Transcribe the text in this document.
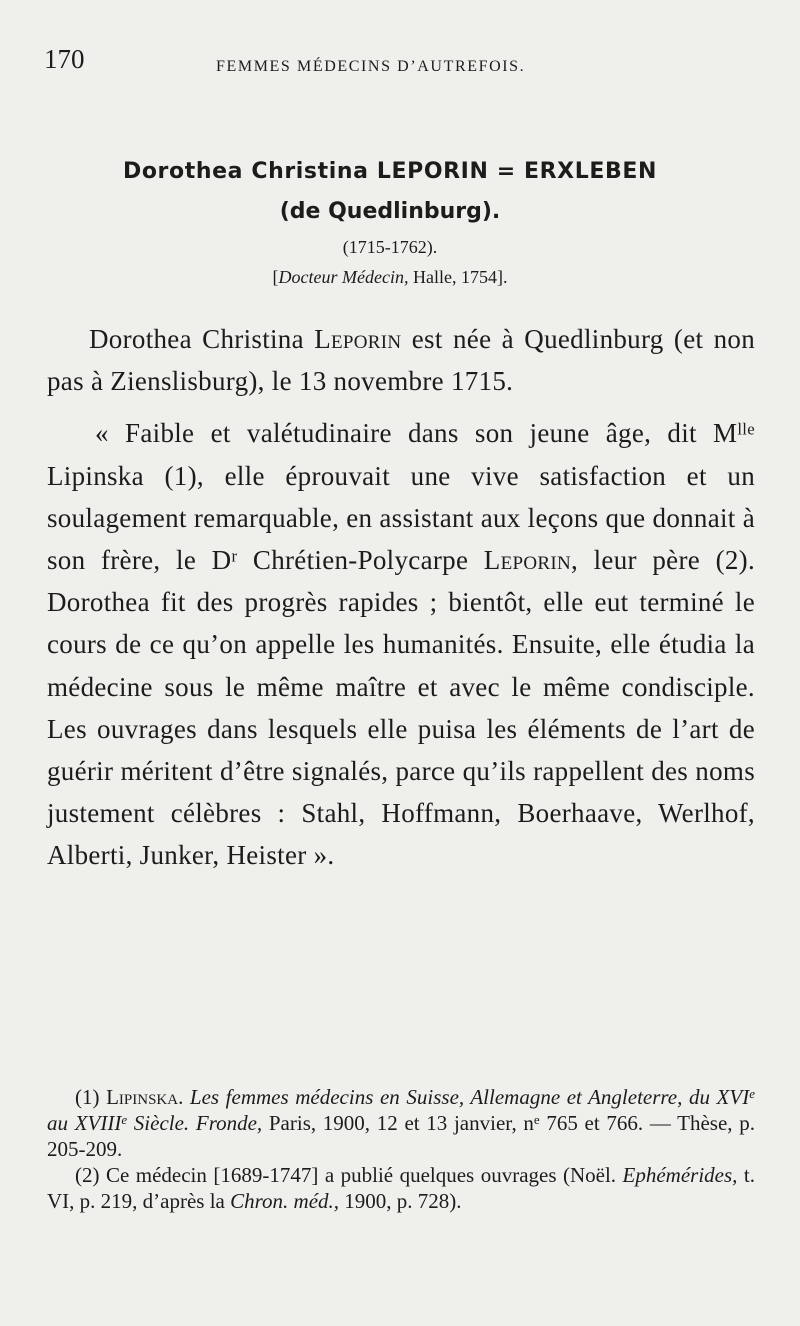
170	FEMMES MÉDECINS D’AUTREFOIS.
Dorothea Christina LEPORIN = ERXLEBEN
(de Quedlinburg).
(1715-1762).
[Docteur Médecin, Halle, 1754].

Dorothea Christina Leporin est née à Quedlinburg (et non pas à Zienslisburg), le 13 novembre 1715.

« Faible et valétudinaire dans son jeune âge, dit $M^{lle}$ Lipinska (1), elle éprouvait une vive satisfaction et un soulagement remarquable, en assistant aux leçons que donnait à son frère, le $D^r$ Chrétien-Polycarpe Leporin, leur père (2). Dorothea fit des progrès rapides ; bientôt, elle eut terminé le cours de ce qu’on appelle les humanités. Ensuite, elle étudia la médecine sous le même maître et avec le même condisciple. Les ouvrages dans lesquels elle puisa les éléments de l’art de guérir méritent d’être signalés, parce qu’ils rappellent des noms justement célèbres : Stahl, Hoffmann, Boerhaave, Werlhof, Alberti, Junker, Heister ».

(1) Lipinska. Les femmes médecins en Suisse, Allemagne et Angleterre, du XVIe au XVIIIe Siècle. Fronde, Paris, 1900, 12 et 13 janvier, $n^e$ 765 et 766. — Thèse, p. 205-209.

(2) Ce médecin [1689-1747] a publié quelques ouvrages (Noël. Ephémérides, t. VI, p. 219, d’après la Chron. méd., 1900, p. 728).
